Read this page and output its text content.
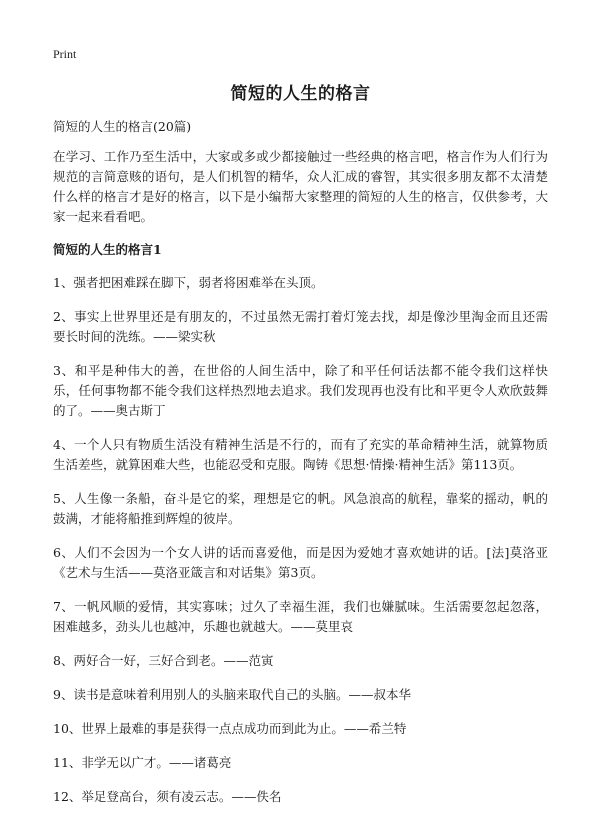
Print
简短的人生的格言

简短的人生的格言(20篇)

在学习、工作乃至生活中，大家或多或少都接触过一些经典的格言吧，格言作为人们行为规范的言简意赅的语句，是人们机智的精华，众人汇成的睿智，其实很多朋友都不太清楚什么样的格言才是好的格言，以下是小编帮大家整理的简短的人生的格言，仅供参考，大家一起来看看吧。

简短的人生的格言1

1、强者把困难踩在脚下，弱者将困难举在头顶。
2、事实上世界里还是有朋友的，不过虽然无需打着灯笼去找，却是像沙里淘金而且还需要长时间的洗练。——梁实秋
3、和平是种伟大的善，在世俗的人间生活中，除了和平任何话法都不能令我们这样快乐，任何事物都不能令我们这样热烈地去追求。我们发现再也没有比和平更令人欢欣鼓舞的了。——奥古斯丁
4、一个人只有物质生活没有精神生活是不行的，而有了充实的革命精神生活，就算物质生活差些，就算困难大些，也能忍受和克服。陶铸《思想·情操·精神生活》第113页。
5、人生像一条船，奋斗是它的桨，理想是它的帆。风急浪高的航程，靠桨的摇动，帆的鼓满，才能将船推到辉煌的彼岸。
6、人们不会因为一个女人讲的话而喜爱他，而是因为爱她才喜欢她讲的话。[法]莫洛亚《艺术与生活——莫洛亚箴言和对话集》第3页。
7、一帆风顺的爱情，其实寡味；过久了幸福生涯，我们也嫌腻味。生活需要忽起忽落，困难越多，劲头儿也越冲，乐趣也就越大。——莫里哀
8、两好合一好，三好合到老。——范寅
9、读书是意味着利用别人的头脑来取代自己的头脑。——叔本华
10、世界上最难的事是获得一点点成功而到此为止。——希兰特
11、非学无以广才。——诸葛亮
12、举足登高台，须有凌云志。——佚名
